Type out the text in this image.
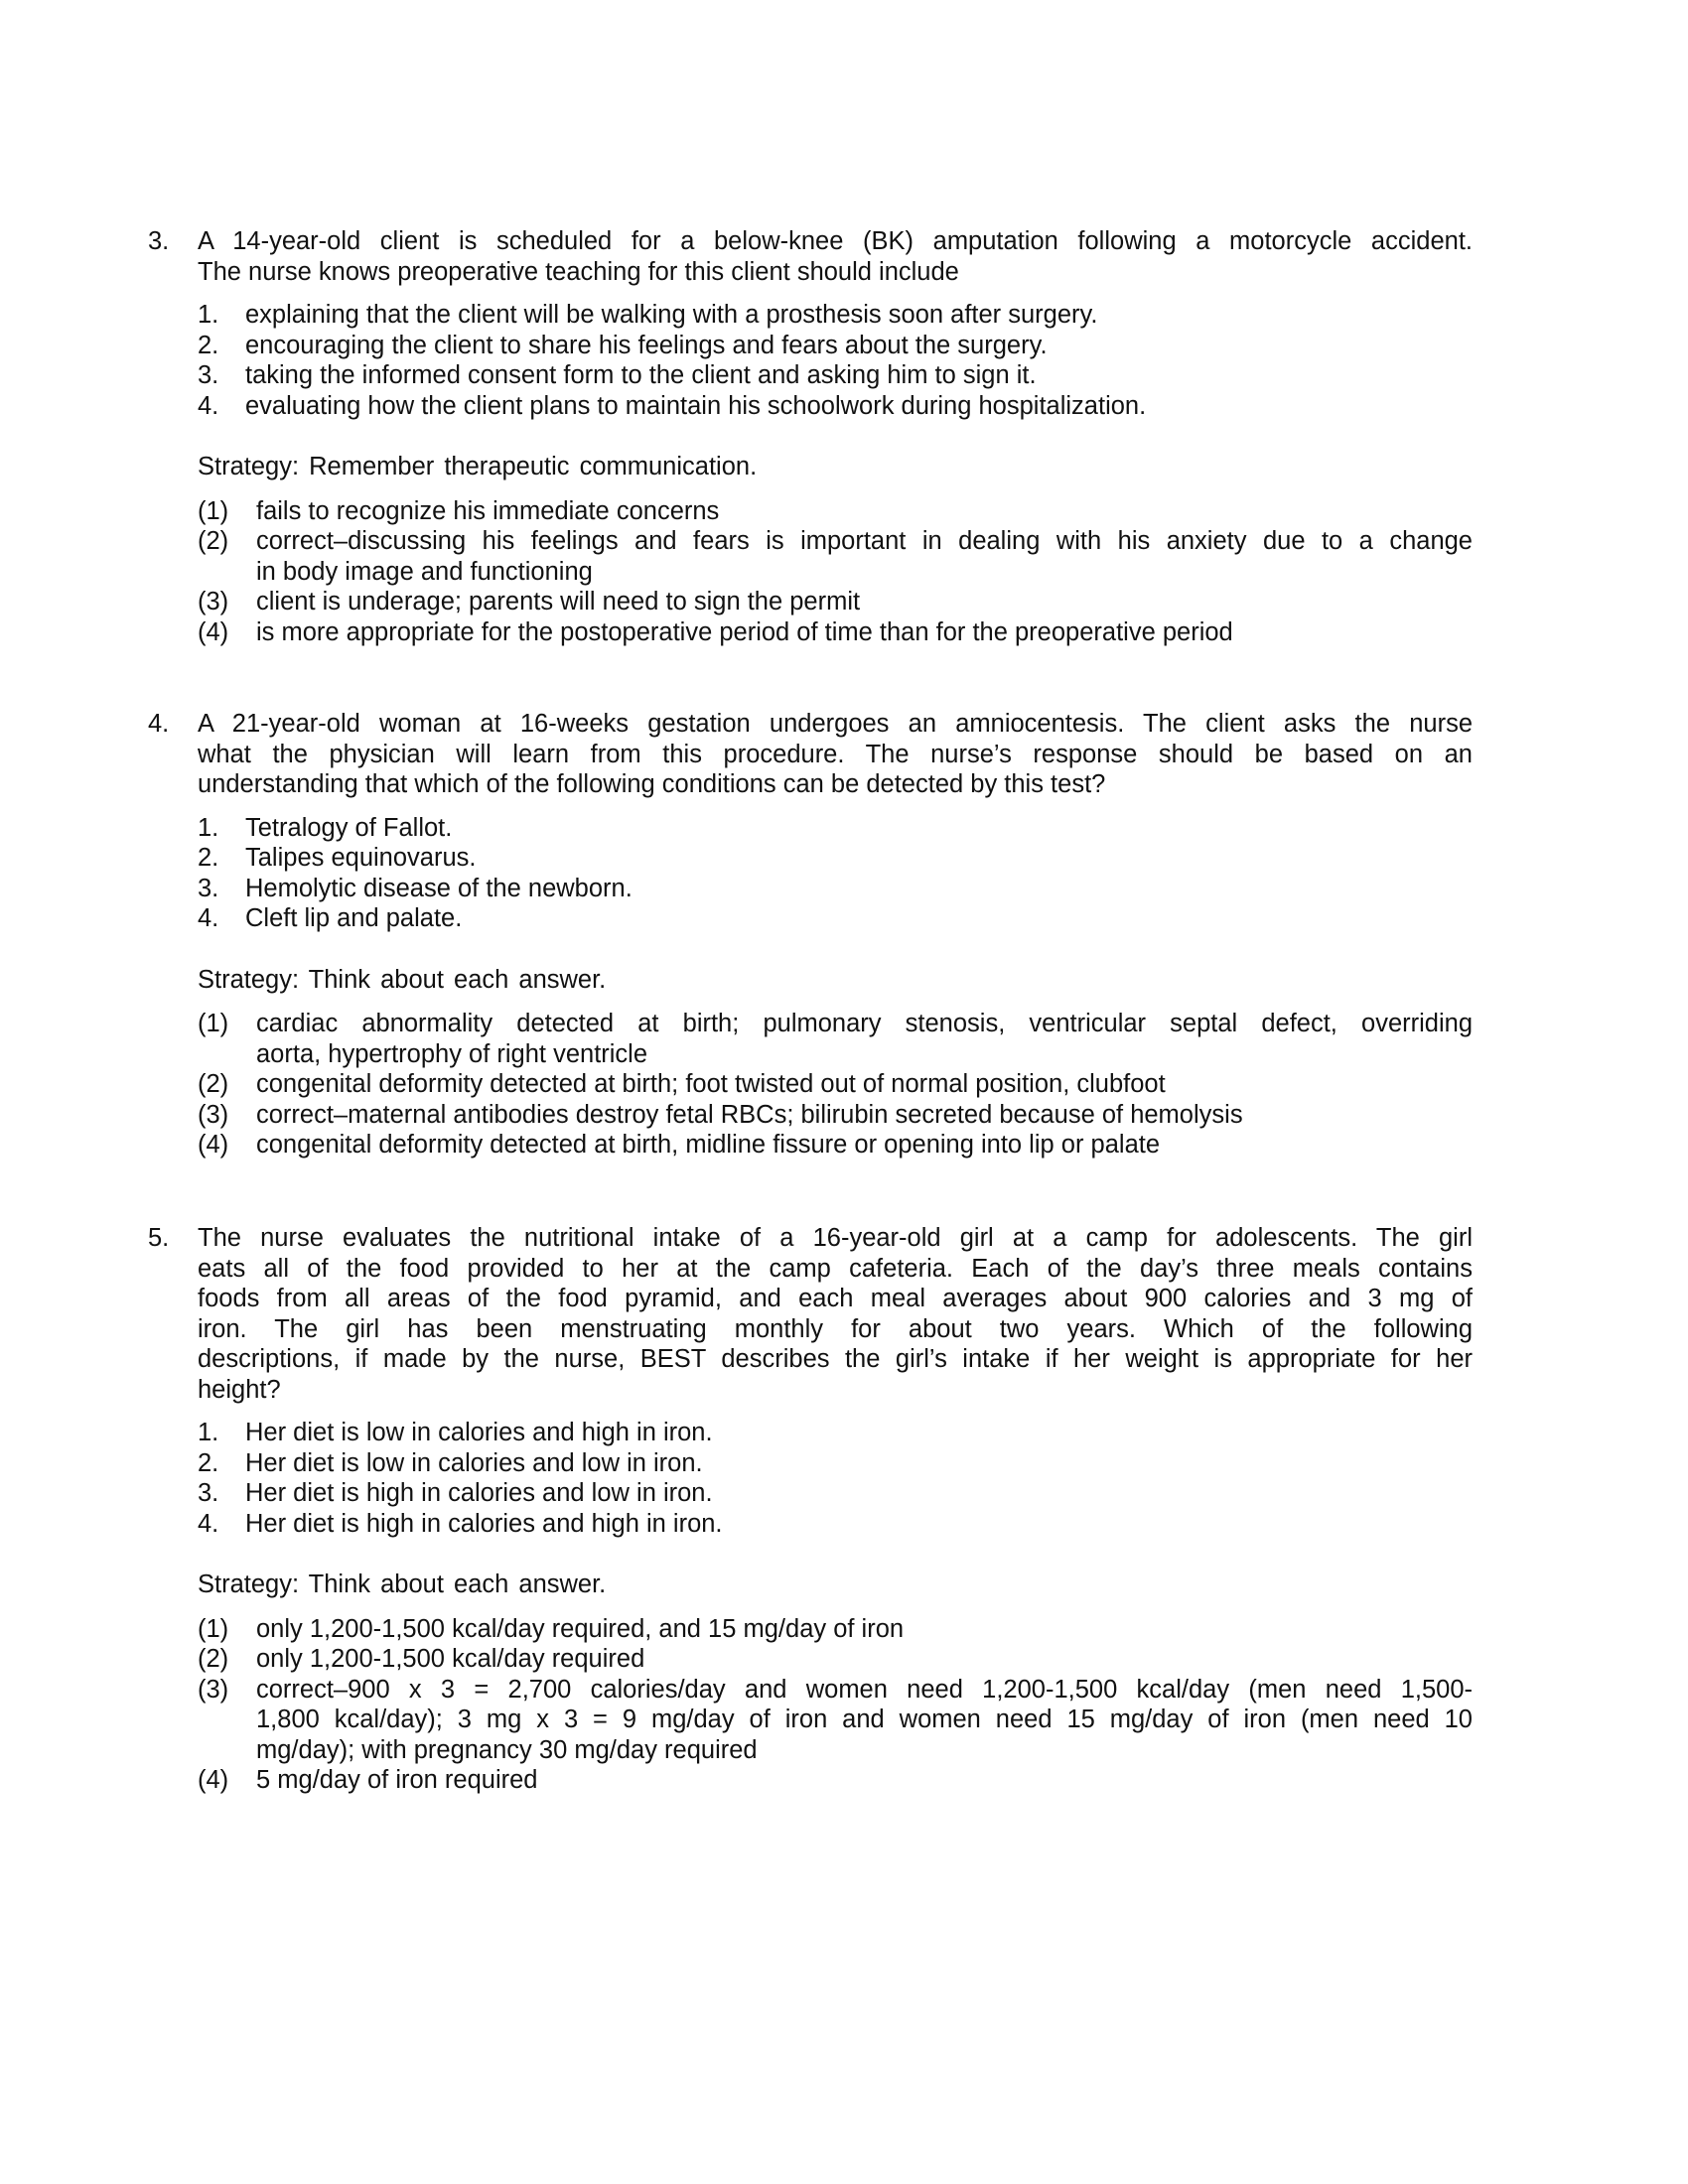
3. A 14-year-old client is scheduled for a below-knee (BK) amputation following a motorcycle accident.
The nurse knows preoperative teaching for this client should include
1. explaining that the client will be walking with a prosthesis soon after surgery.
2. encouraging the client to share his feelings and fears about the surgery.
3. taking the informed consent form to the client and asking him to sign it.
4. evaluating how the client plans to maintain his schoolwork during hospitalization.
Strategy: Remember therapeutic communication.
(1) fails to recognize his immediate concerns
(2) correct–discussing his feelings and fears is important in dealing with his anxiety due to a change
in body image and functioning
(3) client is underage; parents will need to sign the permit
(4) is more appropriate for the postoperative period of time than for the preoperative period
4. A 21-year-old woman at 16-weeks gestation undergoes an amniocentesis. The client asks the nurse
what the physician will learn from this procedure. The nurse’s response should be based on an
understanding that which of the following conditions can be detected by this test?
1. Tetralogy of Fallot.
2. Talipes equinovarus.
3. Hemolytic disease of the newborn.
4. Cleft lip and palate.
Strategy: Think about each answer.
(1) cardiac abnormality detected at birth; pulmonary stenosis, ventricular septal defect, overriding
aorta, hypertrophy of right ventricle
(2) congenital deformity detected at birth; foot twisted out of normal position, clubfoot
(3) correct–maternal antibodies destroy fetal RBCs; bilirubin secreted because of hemolysis
(4) congenital deformity detected at birth, midline fissure or opening into lip or palate
5. The nurse evaluates the nutritional intake of a 16-year-old girl at a camp for adolescents. The girl
eats all of the food provided to her at the camp cafeteria. Each of the day’s three meals contains
foods from all areas of the food pyramid, and each meal averages about 900 calories and 3 mg of
iron. The girl has been menstruating monthly for about two years. Which of the following
descriptions, if made by the nurse, BEST describes the girl’s intake if her weight is appropriate for her
height?
1. Her diet is low in calories and high in iron.
2. Her diet is low in calories and low in iron.
3. Her diet is high in calories and low in iron.
4. Her diet is high in calories and high in iron.
Strategy: Think about each answer.
(1) only 1,200-1,500 kcal/day required, and 15 mg/day of iron
(2) only 1,200-1,500 kcal/day required
(3) correct–900 x 3 = 2,700 calories/day and women need 1,200-1,500 kcal/day (men need 1,500-
1,800 kcal/day); 3 mg x 3 = 9 mg/day of iron and women need 15 mg/day of iron (men need 10
mg/day); with pregnancy 30 mg/day required
(4) 5 mg/day of iron required
